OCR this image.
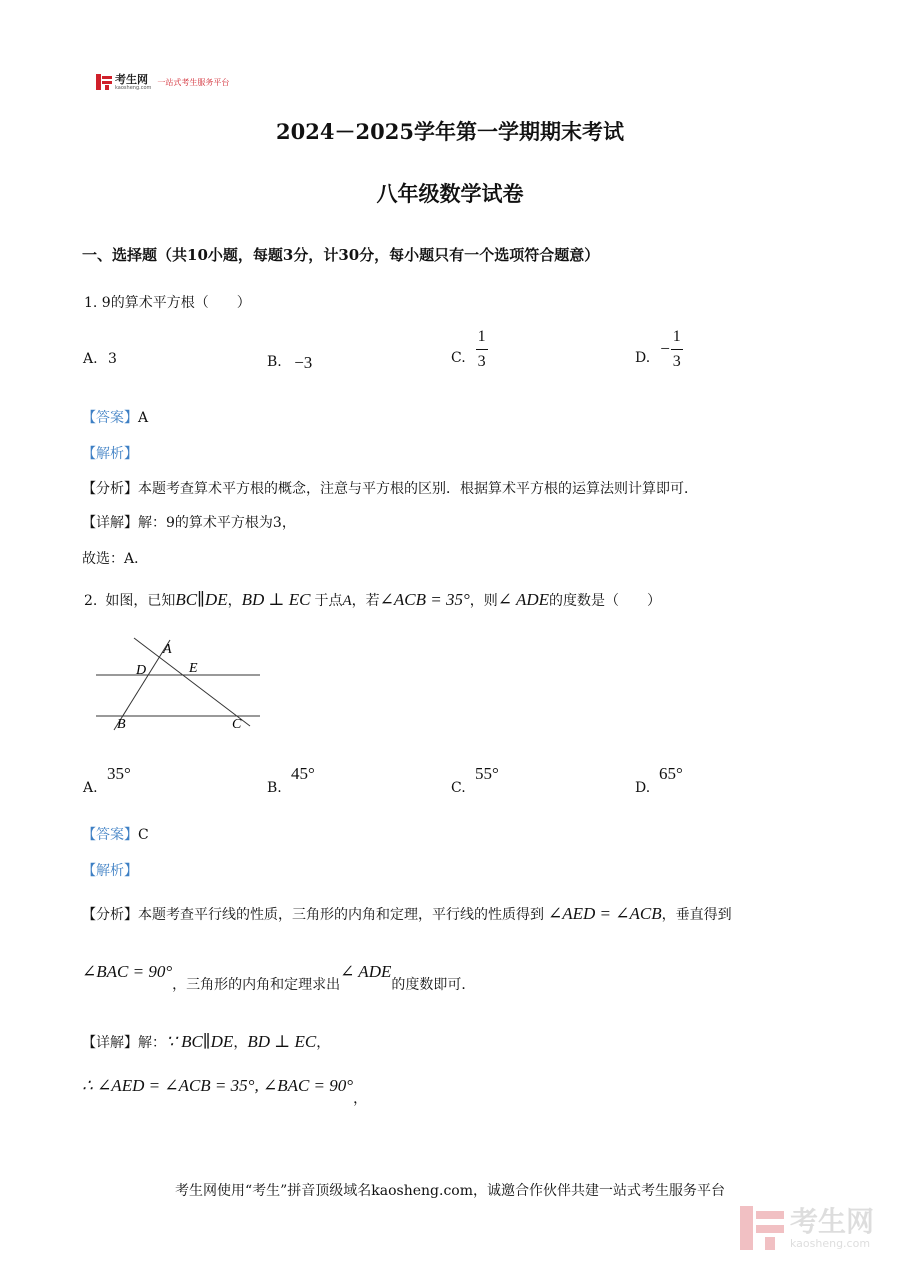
考生网
kaosheng.com
一站式考生服务平台
2024－2025学年第一学期期末考试
八年级数学试卷
一、选择题（共10小题，每题3分，计30分，每小题只有一个选项符合题意）
1. 9的算术平方根（　　）
A. 3	B. −3	C. $\frac{1}{3}$	D. − $\frac{1}{3}$
【答案】A
【解析】
【分析】本题考查算术平方根的概念，注意与平方根的区别．根据算术平方根的运算法则计算即可．
【详解】解：9的算术平方根为3，
故选：A．
2. 如图，已知 BC∥DE ， BD ⊥ EC 于点 A ，若 ∠ACB = 35° ，则 ∠ ADE 的度数是（　　）
A
D	E
B	C
A.
35°
B.
45°
C.
55°
D.
65°
【答案】C
【解析】
【分析】 本题考查平行线的性质，三角形的内角和定理，平行线的性质得到 ∠AED = ∠ACB ，垂直得到
∠BAC = 90°
，三角形的内角和定理求出
∠ ADE
的度数即可．
【详解】 解： ∵ BC∥DE ， BD ⊥ EC ，
∴ ∠AED = ∠ACB = 35°, ∠BAC = 90°
，
考生网使用“考生”拼音顶级域名kaosheng.com，诚邀合作伙伴共建一站式考生服务平台
考生网
kaosheng.com
